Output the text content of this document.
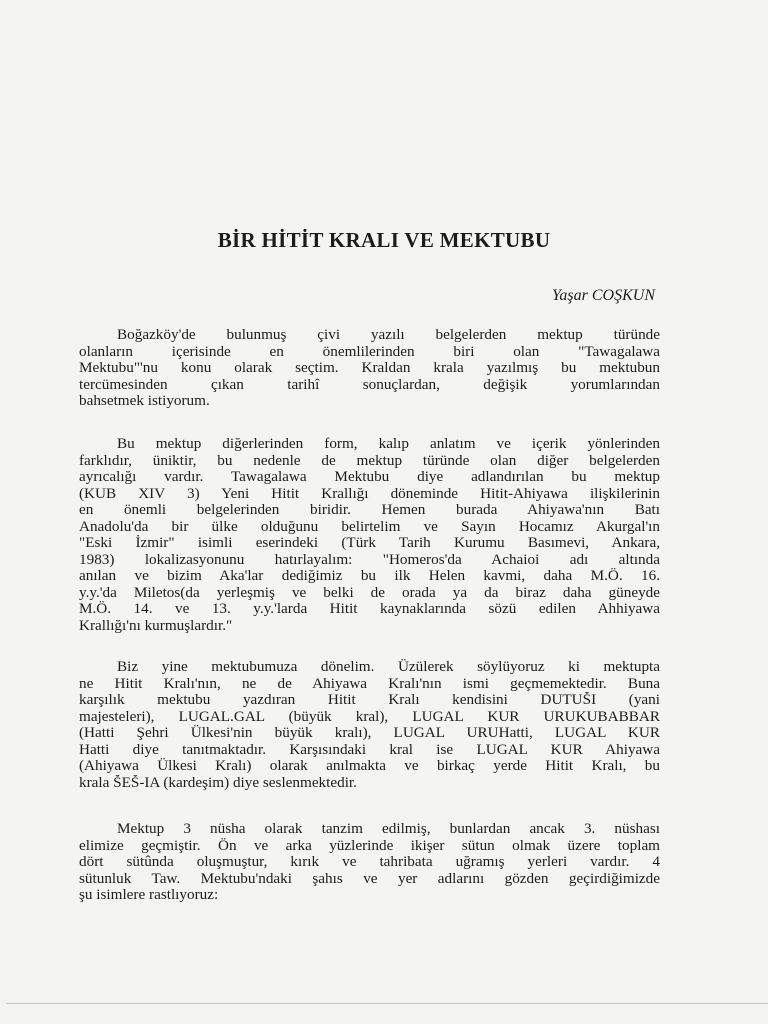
BİR HİTİT KRALI VE MEKTUBU
Yaşar COŞKUN
Boğazköy'de bulunmuş çivi yazılı belgelerden mektup türünde
olanların içerisinde en önemlilerinden biri olan "Tawagalawa
Mektubu"'nu konu olarak seçtim. Kraldan krala yazılmış bu mektubun
tercümesinden çıkan tarihî sonuçlardan, değişik yorumlarından
bahsetmek istiyorum.
Bu mektup diğerlerinden form, kalıp anlatım ve içerik yönlerinden
farklıdır, üniktir, bu nedenle de mektup türünde olan diğer belgelerden
ayrıcalığı vardır. Tawagalawa Mektubu diye adlandırılan bu mektup
(KUB XIV 3) Yeni Hitit Krallığı döneminde Hitit-Ahiyawa ilişkilerinin
en önemli belgelerinden biridir. Hemen burada Ahiyawa'nın Batı
Anadolu'da bir ülke olduğunu belirtelim ve Sayın Hocamız Akurgal'ın
"Eski İzmir" isimli eserindeki (Türk Tarih Kurumu Basımevi, Ankara,
1983) lokalizasyonunu hatırlayalım: "Homeros'da Achaioi adı altında
anılan ve bizim Aka'lar dediğimiz bu ilk Helen kavmi, daha M.Ö. 16.
y.y.'da Miletos(da yerleşmiş ve belki de orada ya da biraz daha güneyde
M.Ö. 14. ve 13. y.y.'larda Hitit kaynaklarında sözü edilen Ahhiyawa
Krallığı'nı kurmuşlardır."
Biz yine mektubumuza dönelim. Üzülerek söylüyoruz ki mektupta
ne Hitit Kralı'nın, ne de Ahiyawa Kralı'nın ismi geçmemektedir. Buna
karşılık mektubu yazdıran Hitit Kralı kendisini DUTUŠI (yani
majesteleri), LUGAL.GAL (büyük kral), LUGAL KUR URUKUBABBAR
(Hatti Şehri Ülkesi'nin büyük kralı), LUGAL URUHatti, LUGAL KUR
Hatti diye tanıtmaktadır. Karşısındaki kral ise LUGAL KUR Ahiyawa
(Ahiyawa Ülkesi Kralı) olarak anılmakta ve birkaç yerde Hitit Kralı, bu
krala ŠEŠ-IA (kardeşim) diye seslenmektedir.
Mektup 3 nüsha olarak tanzim edilmiş, bunlardan ancak 3. nüshası
elimize geçmiştir. Ön ve arka yüzlerinde ikişer sütun olmak üzere toplam
dört sütûnda oluşmuştur, kırık ve tahribata uğramış yerleri vardır. 4
sütunluk Taw. Mektubu'ndaki şahıs ve yer adlarını gözden geçirdiğimizde
şu isimlere rastlıyoruz:
